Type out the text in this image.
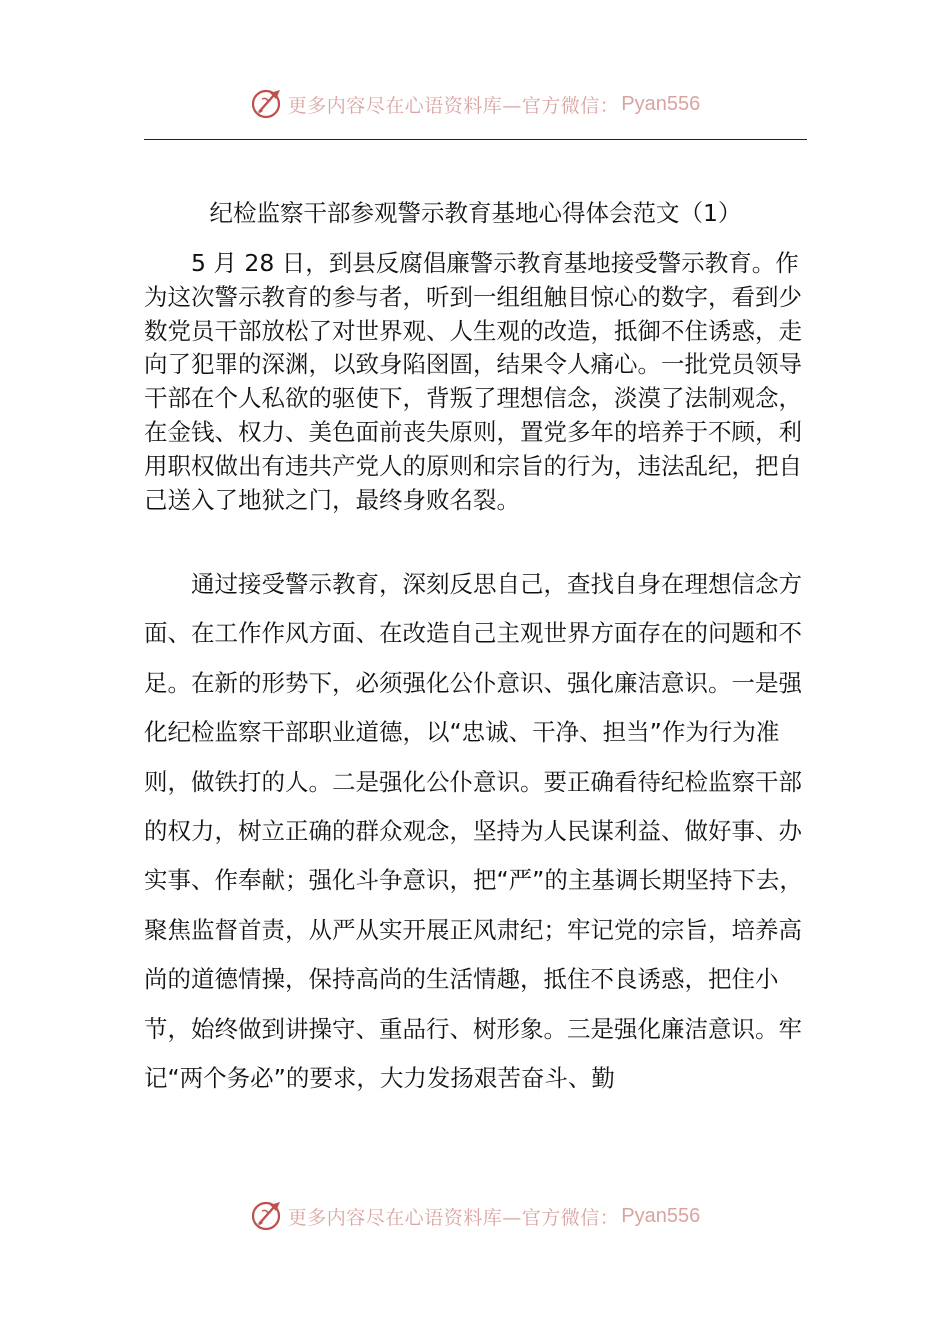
更多内容尽在心语资料库—官方微信： Pyan556
纪检监察干部参观警示教育基地心得体会范文（1）

5 月 28 日，到县反腐倡廉警示教育基地接受警示教育。作为这次警示教育的参与者，听到一组组触目惊心的数字，看到少数党员干部放松了对世界观、人生观的改造，抵御不住诱惑，走向了犯罪的深渊，以致身陷囹圄，结果令人痛心。一批党员领导干部在个人私欲的驱使下，背叛了理想信念，淡漠了法制观念，在金钱、权力、美色面前丧失原则，置党多年的培养于不顾，利用职权做出有违共产党人的原则和宗旨的行为，违法乱纪，把自己送入了地狱之门，最终身败名裂。

通过接受警示教育，深刻反思自己，查找自身在理想信念方面、在工作作风方面、在改造自己主观世界方面存在的问题和不足。在新的形势下，必须强化公仆意识、强化廉洁意识。一是强化纪检监察干部职业道德，以“忠诚、干净、担当”作为行为准则，做铁打的人。二是强化公仆意识。要正确看待纪检监察干部的权力，树立正确的群众观念，坚持为人民谋利益、做好事、办实事、作奉献；强化斗争意识，把“严”的主基调长期坚持下去，聚焦监督首责，从严从实开展正风肃纪；牢记党的宗旨，培养高尚的道德情操，保持高尚的生活情趣，抵住不良诱惑，把住小节，始终做到讲操守、重品行、树形象。三是强化廉洁意识。牢记“两个务必”的要求，大力发扬艰苦奋斗、勤

更多内容尽在心语资料库—官方微信： Pyan556
